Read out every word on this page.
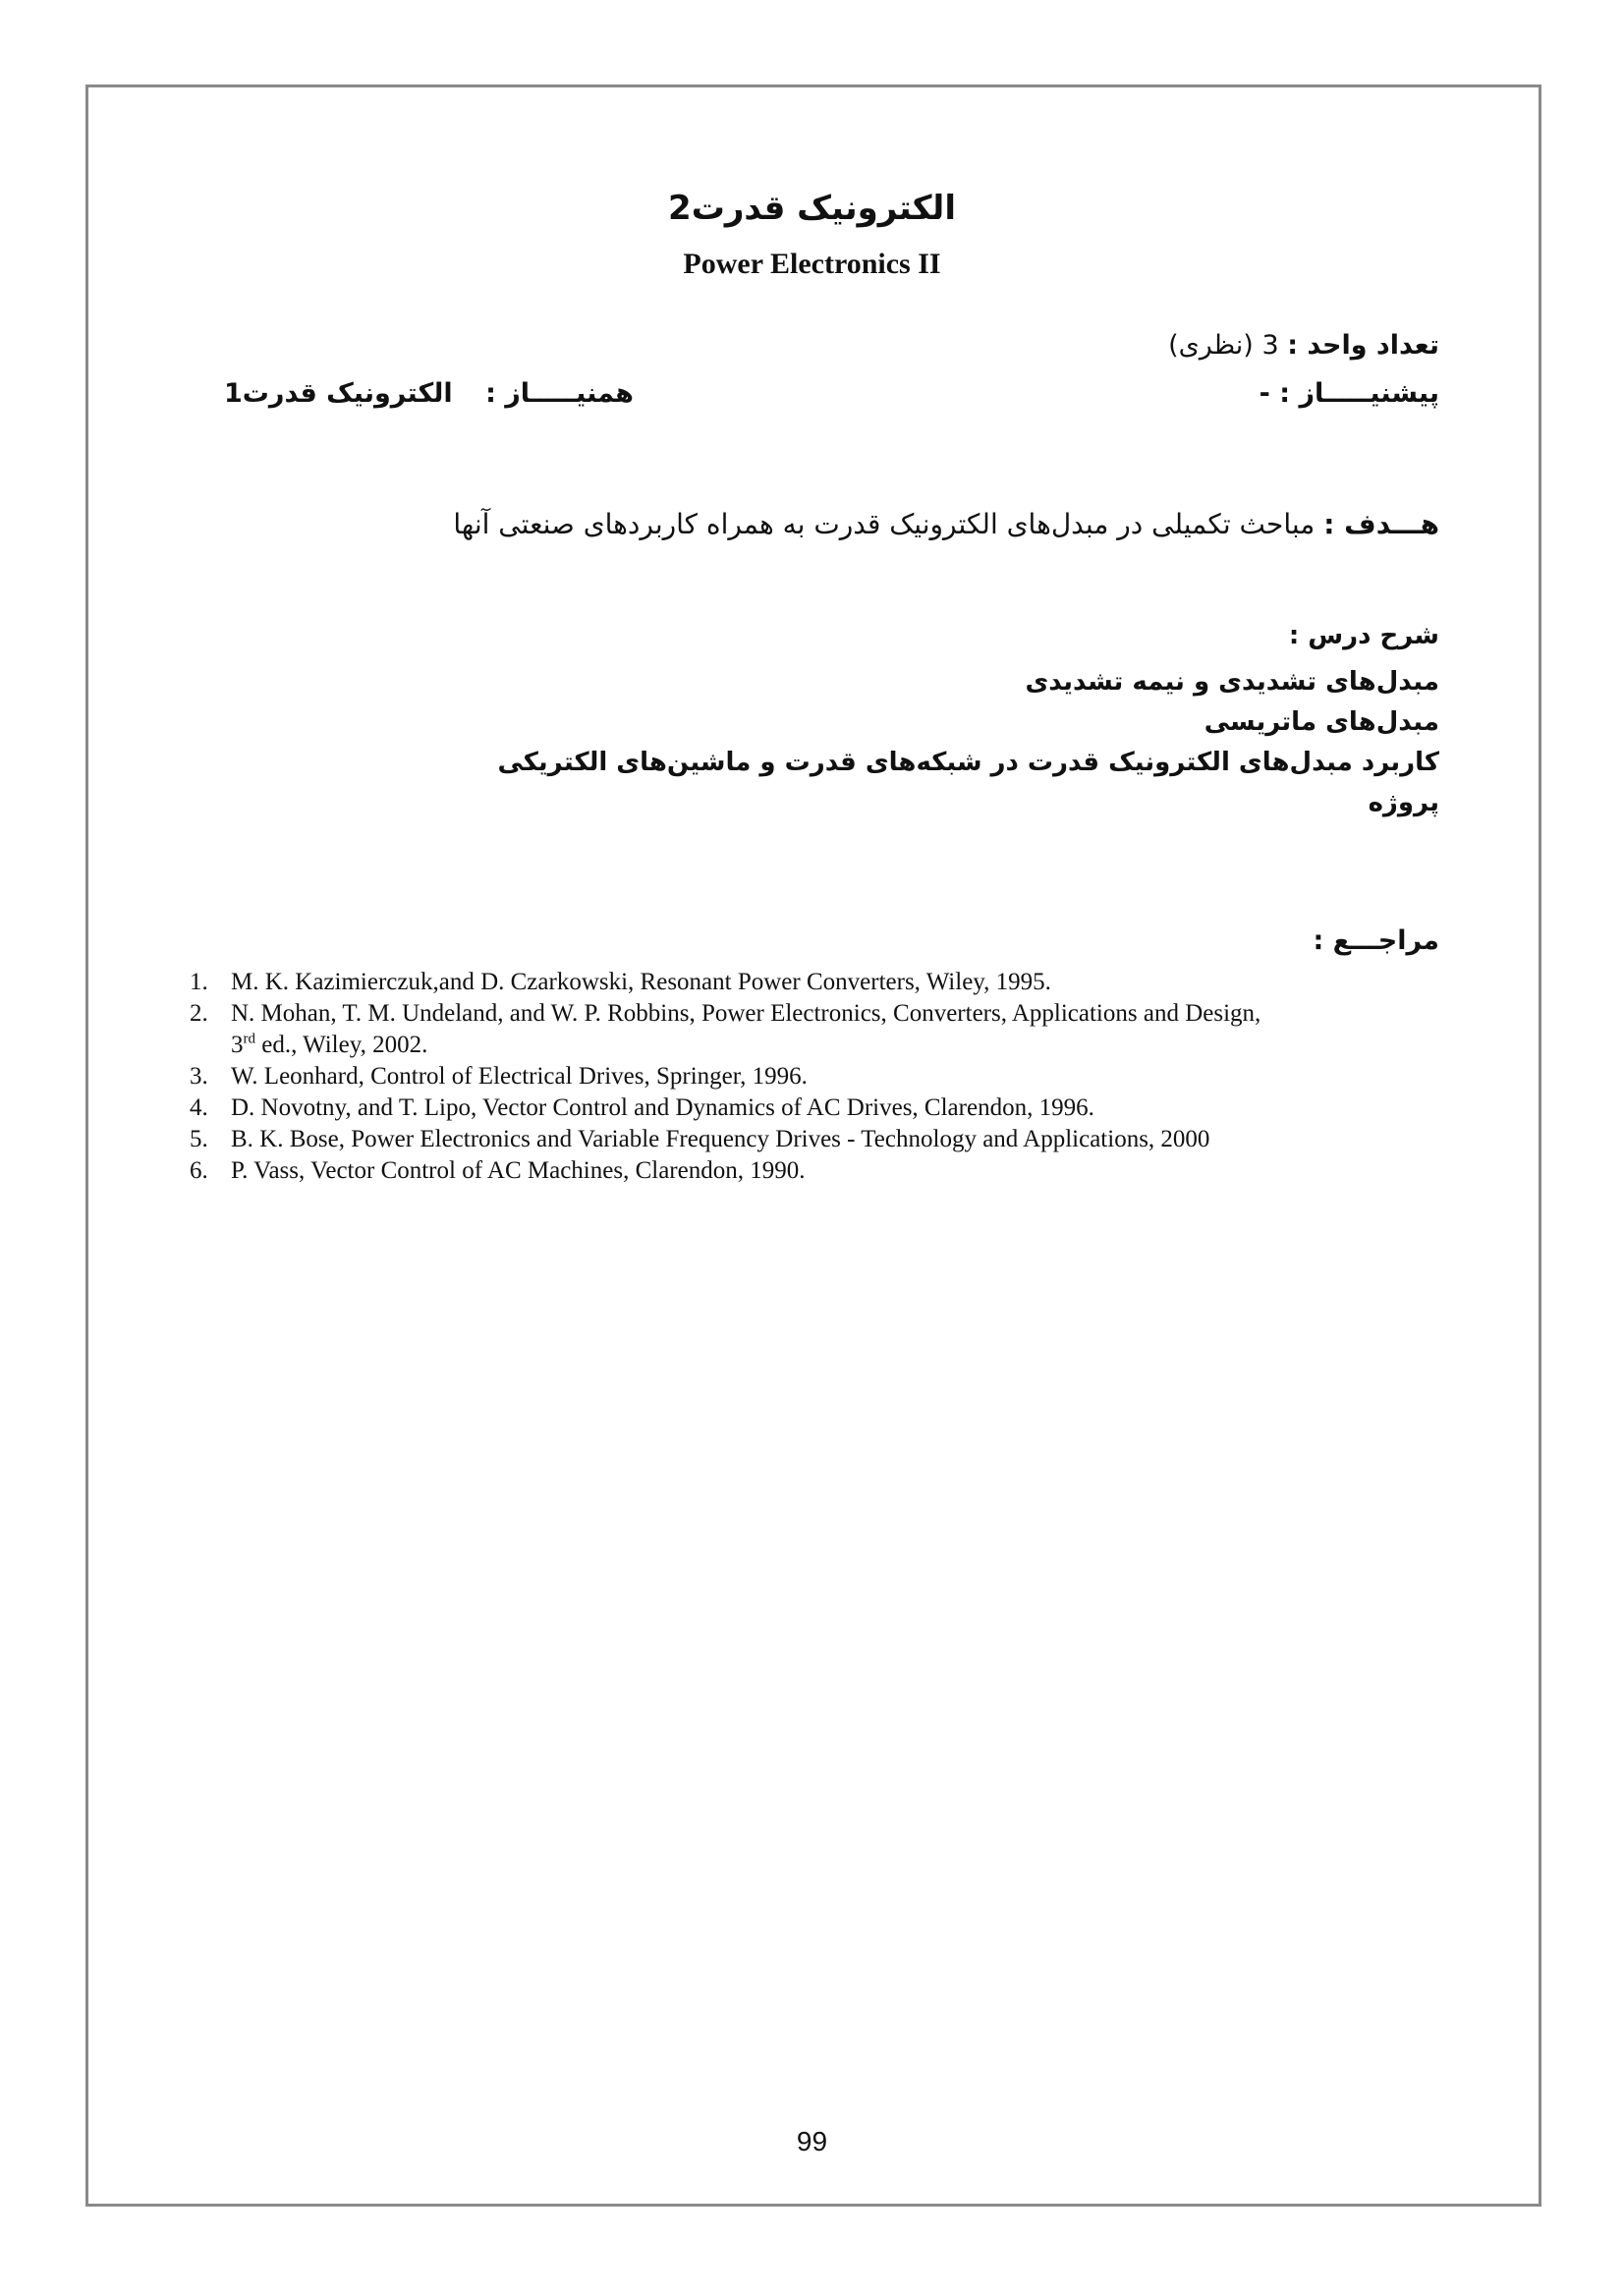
الکترونیک قدرت2
Power Electronics II
تعداد واحد : 3 (نظری)
پیشنیـــــاز : -
همنیـــــاز : الکترونیک قدرت1
هـــدف : مباحث تکمیلی در مبدل‌های الکترونیک قدرت به همراه کاربردهای صنعتی آنها
شرح درس :
مبدل‌های تشدیدی و نیمه تشدیدی
مبدل‌های ماتریسی
کاربرد مبدل‌های الکترونیک قدرت در شبکه‌های قدرت و ماشین‌های الکتریکی
پروژه
مراجـــع :
1. M. K. Kazimierczuk,and D. Czarkowski, Resonant Power Converters, Wiley, 1995.
2. N. Mohan, T. M. Undeland, and W. P. Robbins, Power Electronics, Converters, Applications and Design,
3rd ed., Wiley, 2002.
3. W. Leonhard, Control of Electrical Drives, Springer, 1996.
4. D. Novotny, and T. Lipo, Vector Control and Dynamics of AC Drives, Clarendon, 1996.
5. B. K. Bose, Power Electronics and Variable Frequency Drives - Technology and Applications, 2000
6. P. Vass, Vector Control of AC Machines, Clarendon, 1990.
99
